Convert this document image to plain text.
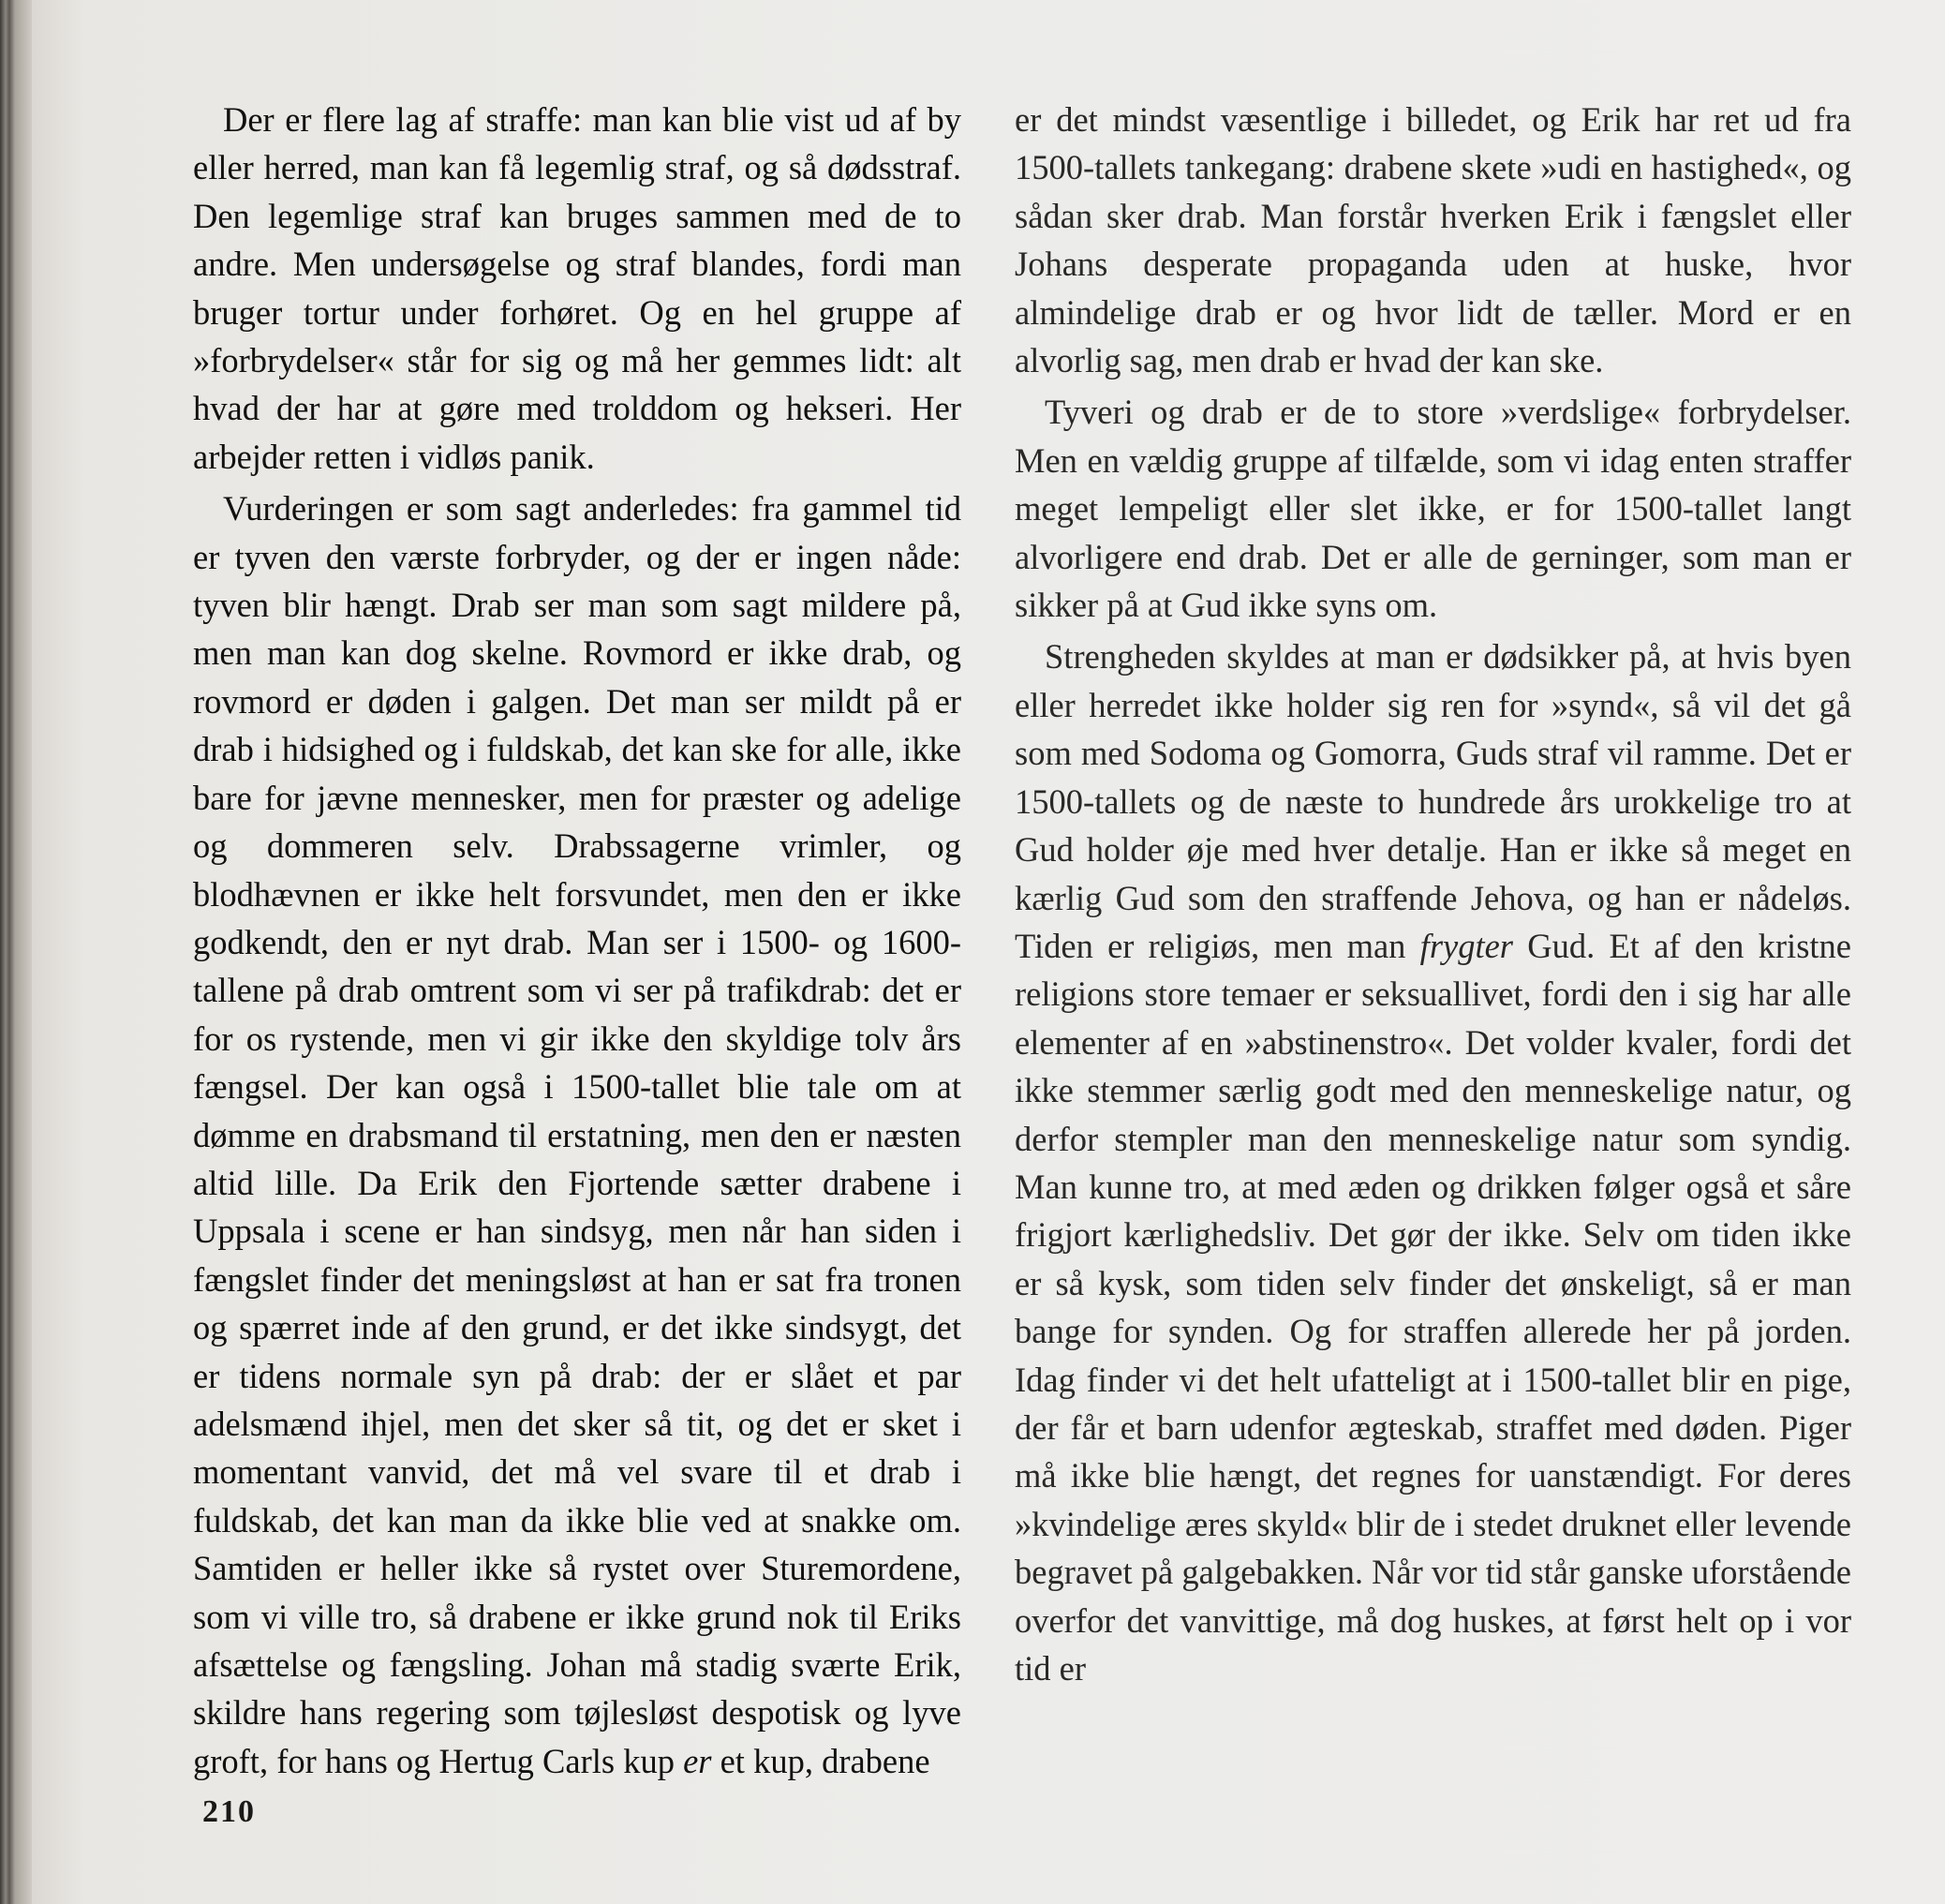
Der er flere lag af straffe: man kan blie vist ud af by eller herred, man kan få legemlig straf, og så dødsstraf. Den legemlige straf kan bruges sammen med de to andre. Men undersøgelse og straf blandes, fordi man bruger tortur under forhøret. Og en hel gruppe af »forbrydelser« står for sig og må her gemmes lidt: alt hvad der har at gøre med trolddom og hekseri. Her arbejder retten i vidløs panik.

Vurderingen er som sagt anderledes: fra gammel tid er tyven den værste forbryder, og der er ingen nåde: tyven blir hængt. Drab ser man som sagt mildere på, men man kan dog skelne. Rovmord er ikke drab, og rovmord er døden i galgen. Det man ser mildt på er drab i hidsighed og i fuldskab, det kan ske for alle, ikke bare for jævne mennesker, men for præster og adelige og dommeren selv. Drabssagerne vrimler, og blodhævnen er ikke helt forsvundet, men den er ikke godkendt, den er nyt drab. Man ser i 1500- og 1600-tallene på drab omtrent som vi ser på trafikdrab: det er for os rystende, men vi gir ikke den skyldige tolv års fængsel. Der kan også i 1500-tallet blie tale om at dømme en drabsmand til erstatning, men den er næsten altid lille. Da Erik den Fjortende sætter drabene i Uppsala i scene er han sindsyg, men når han siden i fængslet finder det meningsløst at han er sat fra tronen og spærret inde af den grund, er det ikke sindsygt, det er tidens normale syn på drab: der er slået et par adelsmænd ihjel, men det sker så tit, og det er sket i momentant vanvid, det må vel svare til et drab i fuldskab, det kan man da ikke blie ved at snakke om. Samtiden er heller ikke så rystet over Sturemordene, som vi ville tro, så drabene er ikke grund nok til Eriks afsættelse og fængsling. Johan må stadig sværte Erik, skildre hans regering som tøjlesløst despotisk og lyve groft, for hans og Hertug Carls kup er et kup, drabene

er det mindst væsentlige i billedet, og Erik har ret ud fra 1500-tallets tankegang: drabene skete »udi en hastighed«, og sådan sker drab. Man forstår hverken Erik i fængslet eller Johans desperate propaganda uden at huske, hvor almindelige drab er og hvor lidt de tæller. Mord er en alvorlig sag, men drab er hvad der kan ske.

Tyveri og drab er de to store »verdslige« forbrydelser. Men en vældig gruppe af tilfælde, som vi idag enten straffer meget lempeligt eller slet ikke, er for 1500-tallet langt alvorligere end drab. Det er alle de gerninger, som man er sikker på at Gud ikke syns om.

Strengheden skyldes at man er dødsikker på, at hvis byen eller herredet ikke holder sig ren for »synd«, så vil det gå som med Sodoma og Gomorra, Guds straf vil ramme. Det er 1500-tallets og de næste to hundrede års urokkelige tro at Gud holder øje med hver detalje. Han er ikke så meget en kærlig Gud som den straffende Jehova, og han er nådeløs. Tiden er religiøs, men man frygter Gud. Et af den kristne religions store temaer er seksuallivet, fordi den i sig har alle elementer af en »abstinenstro«. Det volder kvaler, fordi det ikke stemmer særlig godt med den menneskelige natur, og derfor stempler man den menneskelige natur som syndig. Man kunne tro, at med æden og drikken følger også et såre frigjort kærlighedsliv. Det gør der ikke. Selv om tiden ikke er så kysk, som tiden selv finder det ønskeligt, så er man bange for synden. Og for straffen allerede her på jorden. Idag finder vi det helt ufatteligt at i 1500-tallet blir en pige, der får et barn udenfor ægteskab, straffet med døden. Piger må ikke blie hængt, det regnes for uanstændigt. For deres »kvindelige æres skyld« blir de i stedet druknet eller levende begravet på galgebakken. Når vor tid står ganske uforstående overfor det vanvittige, må dog huskes, at først helt op i vor tid er

210
